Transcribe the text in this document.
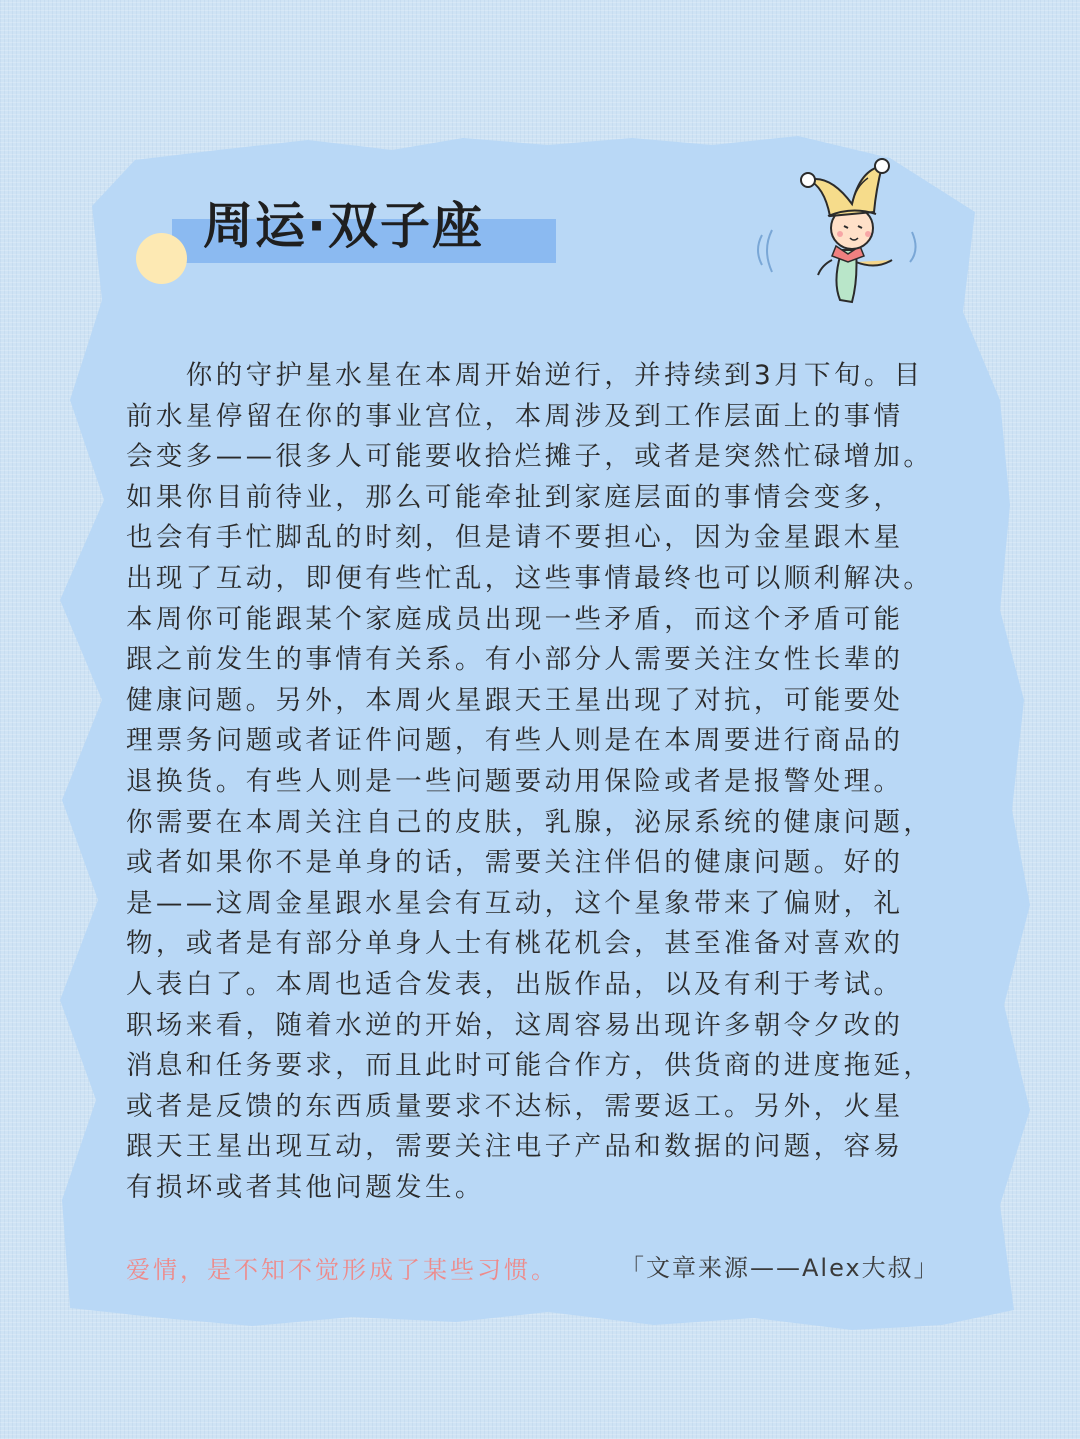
周运·双子座
　　你的守护星水星在本周开始逆行，并持续到3月下旬。目
前水星停留在你的事业宫位，本周涉及到工作层面上的事情
会变多——很多人可能要收拾烂摊子，或者是突然忙碌增加。
如果你目前待业，那么可能牵扯到家庭层面的事情会变多，
也会有手忙脚乱的时刻，但是请不要担心，因为金星跟木星
出现了互动，即便有些忙乱，这些事情最终也可以顺利解决。
本周你可能跟某个家庭成员出现一些矛盾，而这个矛盾可能
跟之前发生的事情有关系。有小部分人需要关注女性长辈的
健康问题。另外，本周火星跟天王星出现了对抗，可能要处
理票务问题或者证件问题，有些人则是在本周要进行商品的
退换货。有些人则是一些问题要动用保险或者是报警处理。
你需要在本周关注自己的皮肤，乳腺，泌尿系统的健康问题，
或者如果你不是单身的话，需要关注伴侣的健康问题。好的
是——这周金星跟水星会有互动，这个星象带来了偏财，礼
物，或者是有部分单身人士有桃花机会，甚至准备对喜欢的
人表白了。本周也适合发表，出版作品，以及有利于考试。
职场来看，随着水逆的开始，这周容易出现许多朝令夕改的
消息和任务要求，而且此时可能合作方，供货商的进度拖延，
或者是反馈的东西质量要求不达标，需要返工。另外，火星
跟天王星出现互动，需要关注电子产品和数据的问题，容易
有损坏或者其他问题发生。

爱情，是不知不觉形成了某些习惯。	「文章来源——Alex大叔」
